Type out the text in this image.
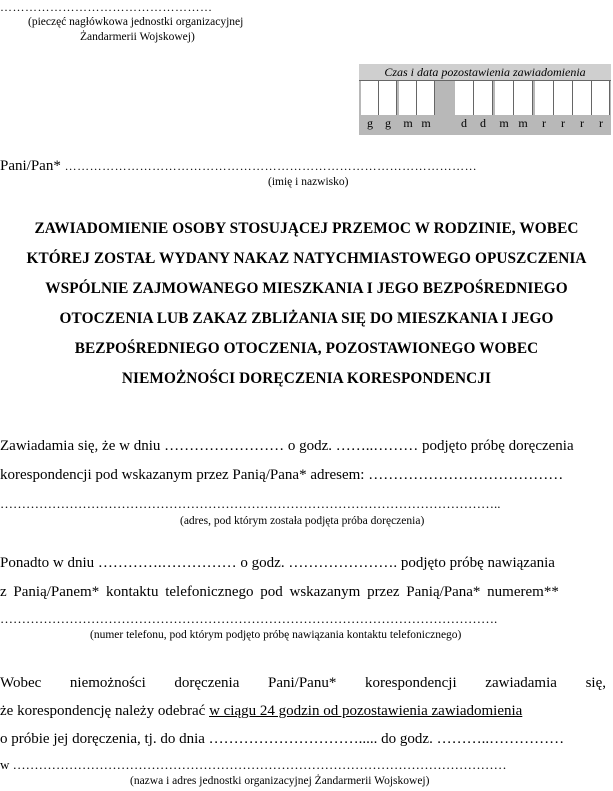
……………………………………………
(pieczęć nagłówkowa jednostki organizacyjnej
Żandarmerii Wojskowej)
Czas i data pozostawienia zawiadomienia
g	g	m m	d	d	m m	r	r	r	r
Pani/Pan* ………………………………………………………………………………………
(imię i nazwisko)
ZAWIADOMIENIE OSOBY STOSUJĄCEJ PRZEMOC W RODZINIE, WOBEC
KTÓREJ ZOSTAŁ WYDANY NAKAZ NATYCHMIASTOWEGO OPUSZCZENIA
WSPÓLNIE ZAJMOWANEGO MIESZKANIA I JEGO BEZPOŚREDNIEGO
OTOCZENIA LUB ZAKAZ ZBLIŻANIA SIĘ DO MIESZKANIA I JEGO
BEZPOŚREDNIEGO OTOCZENIA, POZOSTAWIONEGO WOBEC
NIEMOŻNOŚCI DORĘCZENIA KORESPONDENCJI
Zawiadamia się, że w dniu …………………… o godz. ……..……… podjęto próbę doręczenia
korespondencji pod wskazanym przez Panią/Pana* adresem: …………………………………
……………………………………………………………………………………………………..
(adres, pod którym została podjęta próba doręczenia)
Ponadto w dniu ………….…………… o godz. …………………. podjęto próbę nawiązania
z Panią/Panem* kontaktu telefonicznego pod wskazanym przez Panią/Pana* numerem**
…………………………………………………………………………………………………….
(numer telefonu, pod którym podjęto próbę nawiązania kontaktu telefonicznego)
Wobec niemożności doręczenia Pani/Panu* korespondencji zawiadamia się,
że korespondencję należy odebrać w ciągu 24 godzin od pozostawienia zawiadomienia
o próbie jej doręczenia, tj. do dnia …………………………..... do godz. ………..……………
w ……………………………………………………………………………………………………
(nazwa i adres jednostki organizacyjnej Żandarmerii Wojskowej)
